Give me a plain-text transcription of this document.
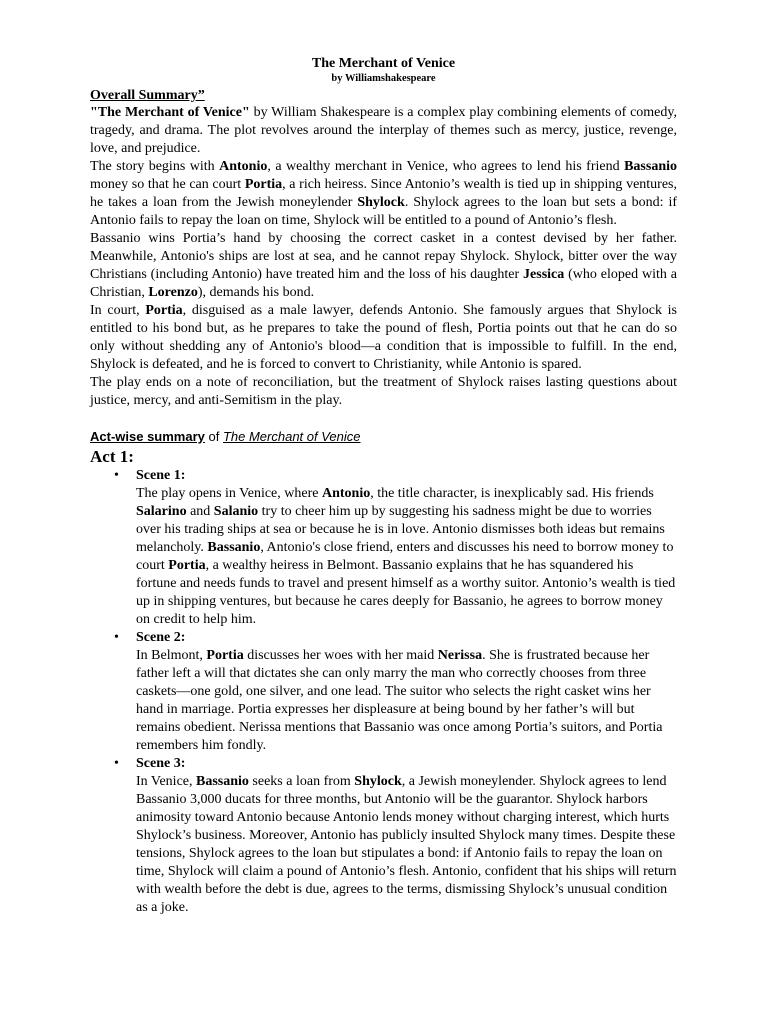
The Merchant of Venice
by Williamshakespeare
Overall Summary”

"The Merchant of Venice" by William Shakespeare is a complex play combining elements of comedy, tragedy, and drama. The plot revolves around the interplay of themes such as mercy, justice, revenge, love, and prejudice.

The story begins with Antonio, a wealthy merchant in Venice, who agrees to lend his friend Bassanio money so that he can court Portia, a rich heiress. Since Antonio’s wealth is tied up in shipping ventures, he takes a loan from the Jewish moneylender Shylock. Shylock agrees to the loan but sets a bond: if Antonio fails to repay the loan on time, Shylock will be entitled to a pound of Antonio’s flesh.

Bassanio wins Portia’s hand by choosing the correct casket in a contest devised by her father. Meanwhile, Antonio's ships are lost at sea, and he cannot repay Shylock. Shylock, bitter over the way Christians (including Antonio) have treated him and the loss of his daughter Jessica (who eloped with a Christian, Lorenzo), demands his bond.

In court, Portia, disguised as a male lawyer, defends Antonio. She famously argues that Shylock is entitled to his bond but, as he prepares to take the pound of flesh, Portia points out that he can do so only without shedding any of Antonio's blood—a condition that is impossible to fulfill. In the end, Shylock is defeated, and he is forced to convert to Christianity, while Antonio is spared.

The play ends on a note of reconciliation, but the treatment of Shylock raises lasting questions about justice, mercy, and anti-Semitism in the play.

Act-wise summary of The Merchant of Venice
Act 1:
• Scene 1:
The play opens in Venice, where Antonio, the title character, is inexplicably sad. His friends Salarino and Salanio try to cheer him up by suggesting his sadness might be due to worries over his trading ships at sea or because he is in love. Antonio dismisses both ideas but remains melancholy. Bassanio, Antonio's close friend, enters and discusses his need to borrow money to court Portia, a wealthy heiress in Belmont. Bassanio explains that he has squandered his fortune and needs funds to travel and present himself as a worthy suitor. Antonio’s wealth is tied up in shipping ventures, but because he cares deeply for Bassanio, he agrees to borrow money on credit to help him.
• Scene 2:
In Belmont, Portia discusses her woes with her maid Nerissa. She is frustrated because her father left a will that dictates she can only marry the man who correctly chooses from three caskets—one gold, one silver, and one lead. The suitor who selects the right casket wins her hand in marriage. Portia expresses her displeasure at being bound by her father’s will but remains obedient. Nerissa mentions that Bassanio was once among Portia’s suitors, and Portia remembers him fondly.
• Scene 3:
In Venice, Bassanio seeks a loan from Shylock, a Jewish moneylender. Shylock agrees to lend Bassanio 3,000 ducats for three months, but Antonio will be the guarantor. Shylock harbors animosity toward Antonio because Antonio lends money without charging interest, which hurts Shylock’s business. Moreover, Antonio has publicly insulted Shylock many times. Despite these tensions, Shylock agrees to the loan but stipulates a bond: if Antonio fails to repay the loan on time, Shylock will claim a pound of Antonio’s flesh. Antonio, confident that his ships will return with wealth before the debt is due, agrees to the terms, dismissing Shylock’s unusual condition as a joke.
